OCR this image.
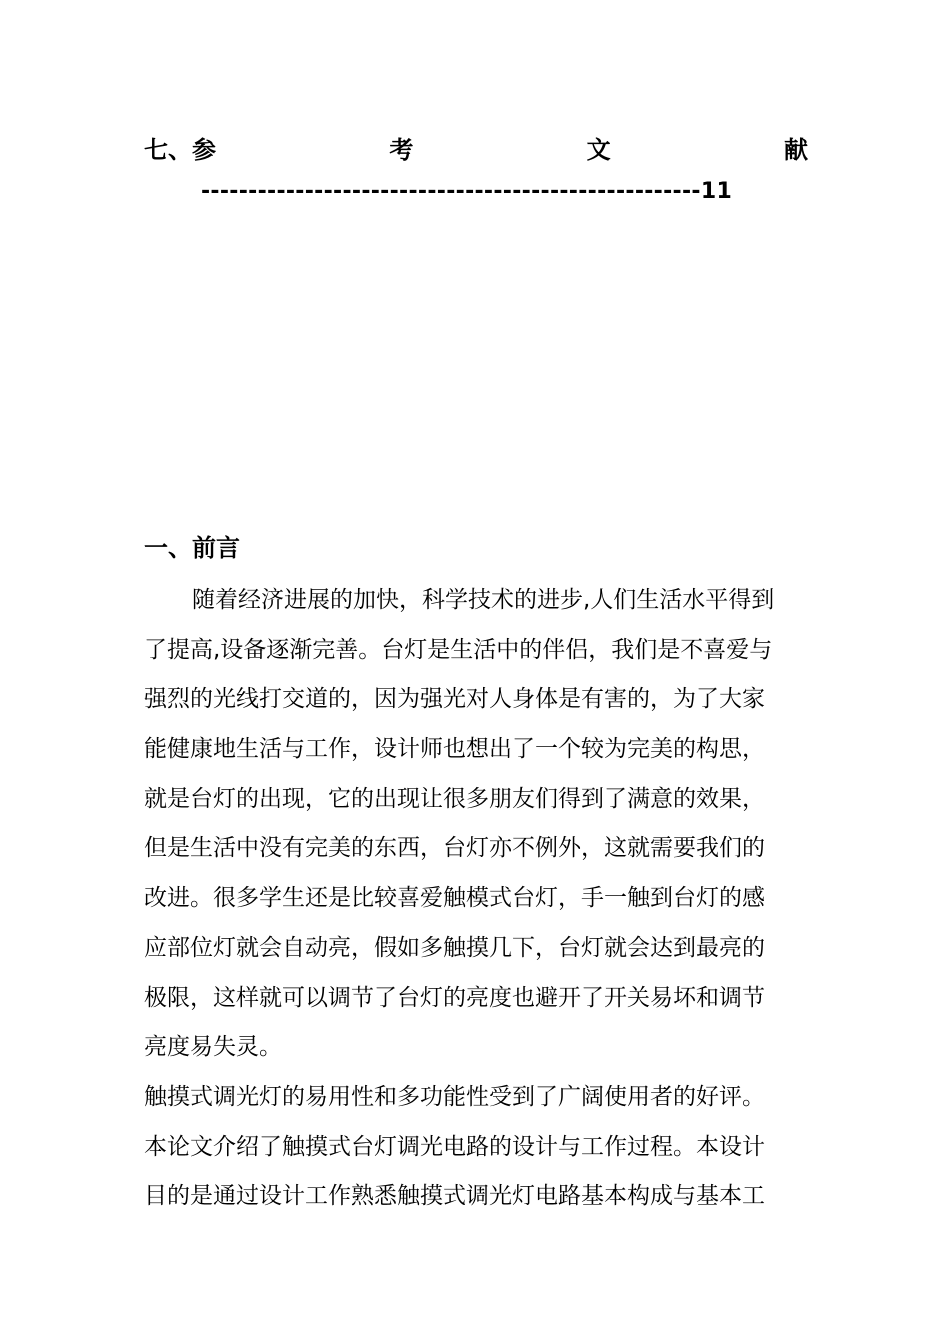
七、参	考	文	献
-----------------------------------------------------11
一、前言
随着经济进展的加快，科学技术的进步,人们生活水平得到
了提高,设备逐渐完善。台灯是生活中的伴侣，我们是不喜爱与
强烈的光线打交道的，因为强光对人身体是有害的，为了大家
能健康地生活与工作，设计师也想出了一个较为完美的构思，
就是台灯的出现，它的出现让很多朋友们得到了满意的效果，
但是生活中没有完美的东西，台灯亦不例外，这就需要我们的
改进。很多学生还是比较喜爱触模式台灯，手一触到台灯的感
应部位灯就会自动亮，假如多触摸几下，台灯就会达到最亮的
极限，这样就可以调节了台灯的亮度也避开了开关易坏和调节
亮度易失灵。
触摸式调光灯的易用性和多功能性受到了广阔使用者的好评。
本论文介绍了触摸式台灯调光电路的设计与工作过程。本设计
目的是通过设计工作熟悉触摸式调光灯电路基本构成与基本工
